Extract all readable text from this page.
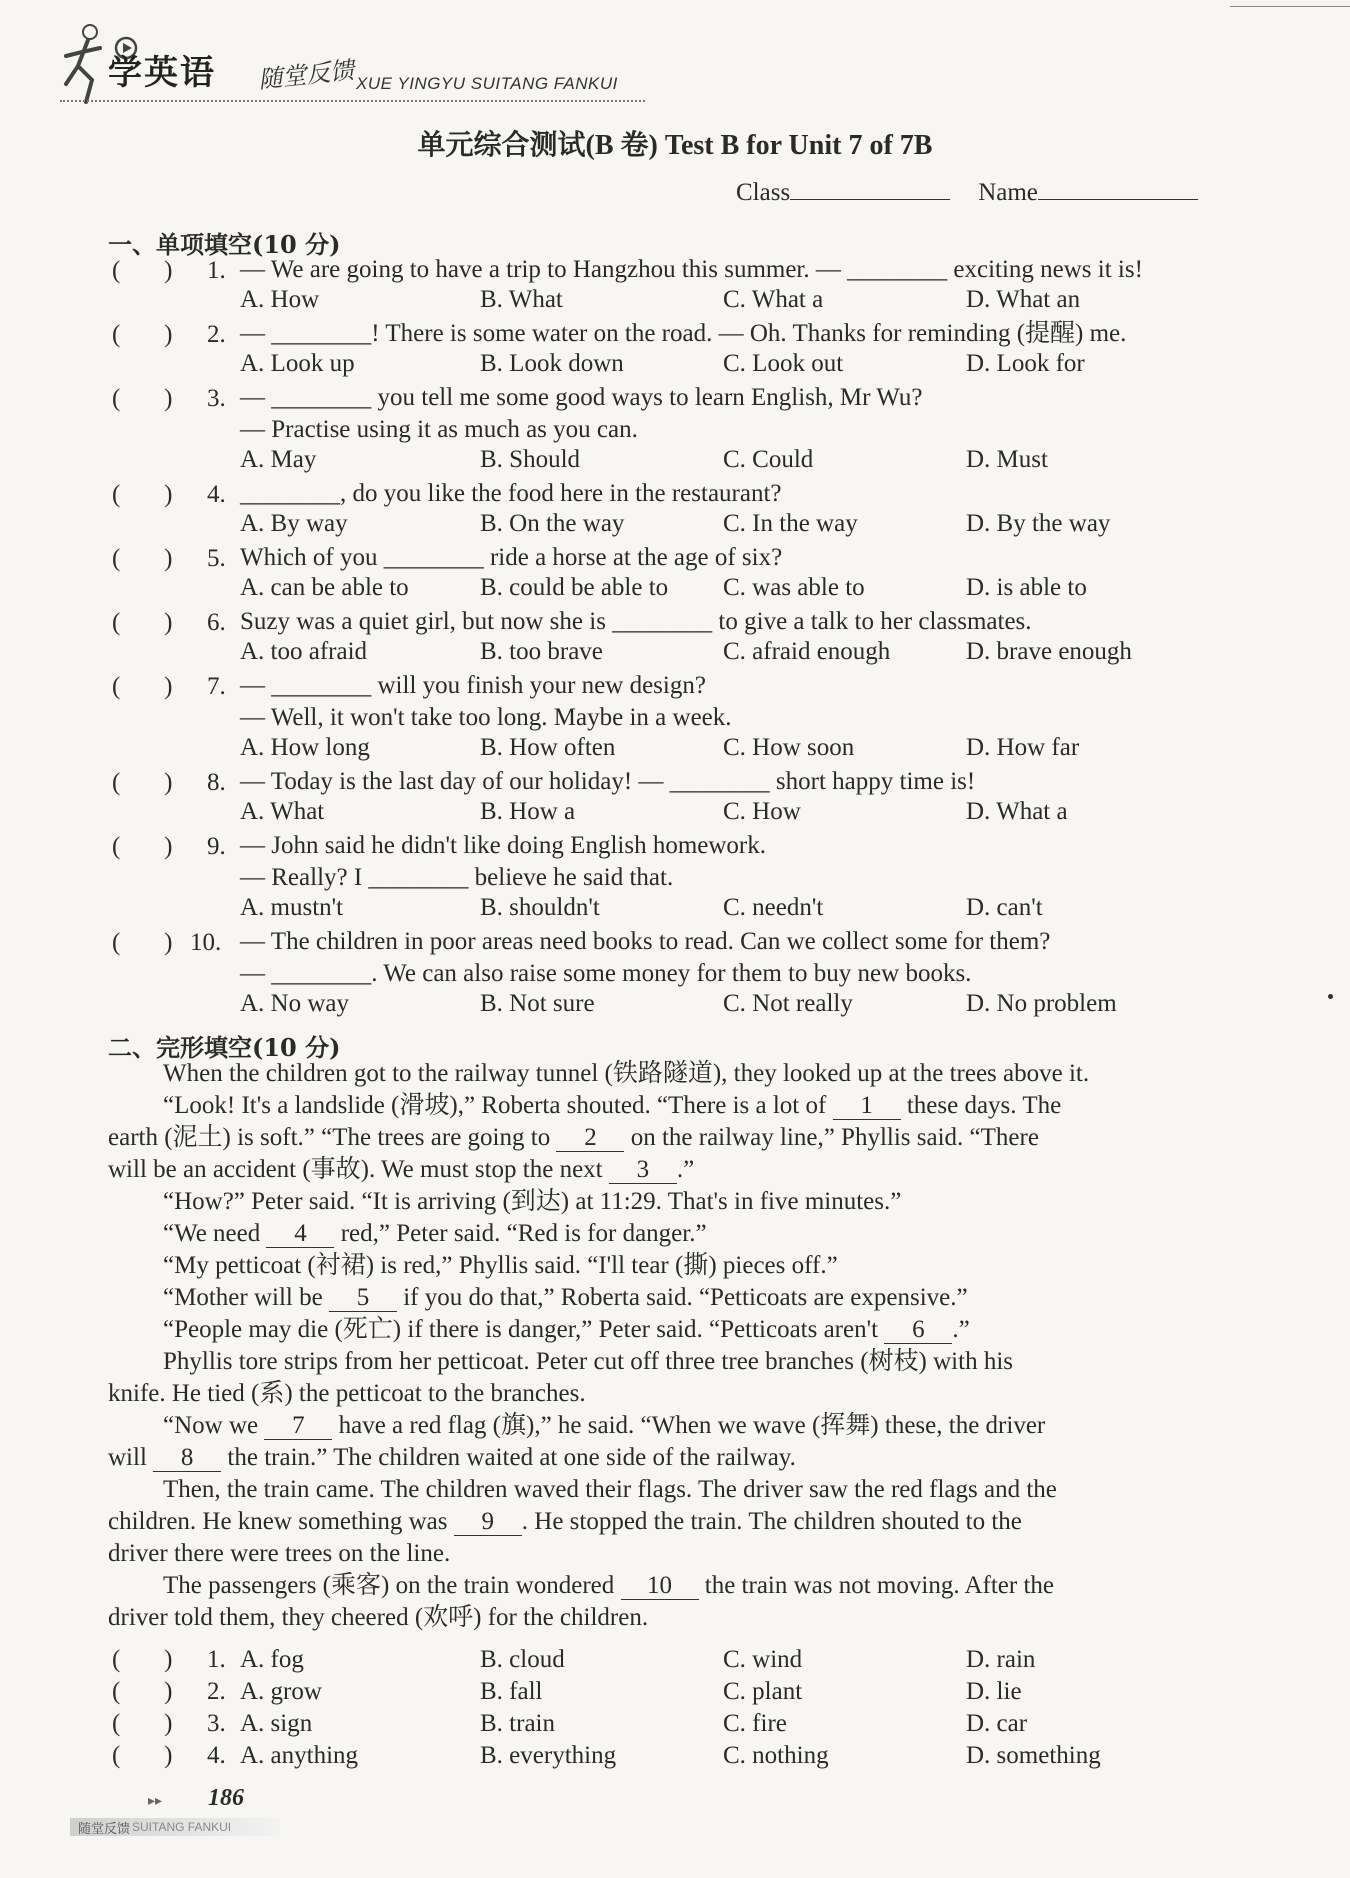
学英语 随堂反馈 XUE YINGYU SUITANG FANKUI
单元综合测试(B 卷) Test B for Unit 7 of 7B
Class	Name
一、单项填空(10 分)
(       ) 1. — We are going to have a trip to Hangzhou this summer. — ________ exciting news it is!
A. How	B. What	C. What a	D. What an
(       ) 2. — ________! There is some water on the road. — Oh. Thanks for reminding (提醒) me.
A. Look up	B. Look down	C. Look out	D. Look for
(       ) 3. — ________ you tell me some good ways to learn English, Mr Wu?
— Practise using it as much as you can.
A. May	B. Should	C. Could	D. Must
(       ) 4. ________, do you like the food here in the restaurant?
A. By way	B. On the way	C. In the way	D. By the way
(       ) 5. Which of you ________ ride a horse at the age of six?
A. can be able to	B. could be able to C. was able to	D. is able to
(       ) 6. Suzy was a quiet girl, but now she is ________ to give a talk to her classmates.
A. too afraid	B. too brave	C. afraid enough	D. brave enough
(       ) 7. — ________ will you finish your new design?
— Well, it won't take too long. Maybe in a week.
A. How long	B. How often	C. How soon	D. How far
(       ) 8. — Today is the last day of our holiday! — ________ short happy time is!
A. What	B. How a	C. How	D. What a
(       ) 9. — John said he didn't like doing English homework.
— Really? I ________ believe he said that.
A. mustn't	B. shouldn't	C. needn't	D. can't
(       ) 10. — The children in poor areas need books to read. Can we collect some for them?
— ________. We can also raise some money for them to buy new books.
A. No way	B. Not sure	C. Not really	D. No problem
二、完形填空(10 分)
When the children got to the railway tunnel (铁路隧道), they looked up at the trees above it.
“Look! It's a landslide (滑坡),” Roberta shouted. “There is a lot of 1 these days. The
earth (泥土) is soft.” “The trees are going to 2 on the railway line,” Phyllis said. “There
will be an accident (事故). We must stop the next 3 .”
“How?” Peter said. “It is arriving (到达) at 11:29. That's in five minutes.”
“We need 4 red,” Peter said. “Red is for danger.”
“My petticoat (衬裙) is red,” Phyllis said. “I'll tear (撕) pieces off.”
“Mother will be 5 if you do that,” Roberta said. “Petticoats are expensive.”
“People may die (死亡) if there is danger,” Peter said. “Petticoats aren't 6 .”
Phyllis tore strips from her petticoat. Peter cut off three tree branches (树枝) with his
knife. He tied (系) the petticoat to the branches.
“Now we 7 have a red flag (旗),” he said. “When we wave (挥舞) these, the driver
will 8 the train.” The children waited at one side of the railway.
Then, the train came. The children waved their flags. The driver saw the red flags and the
children. He knew something was 9 . He stopped the train. The children shouted to the
driver there were trees on the line.
The passengers (乘客) on the train wondered 10 the train was not moving. After the
driver told them, they cheered (欢呼) for the children.
(       ) 1. A. fog	B. cloud	C. wind	D. rain
(       ) 2. A. grow	B. fall	C. plant	D. lie
(       ) 3. A. sign	B. train	C. fire	D. car
(       ) 4. A. anything	B. everything	C. nothing	D. something
▸▸ 186
随堂反馈 SUITANG FANKUI
